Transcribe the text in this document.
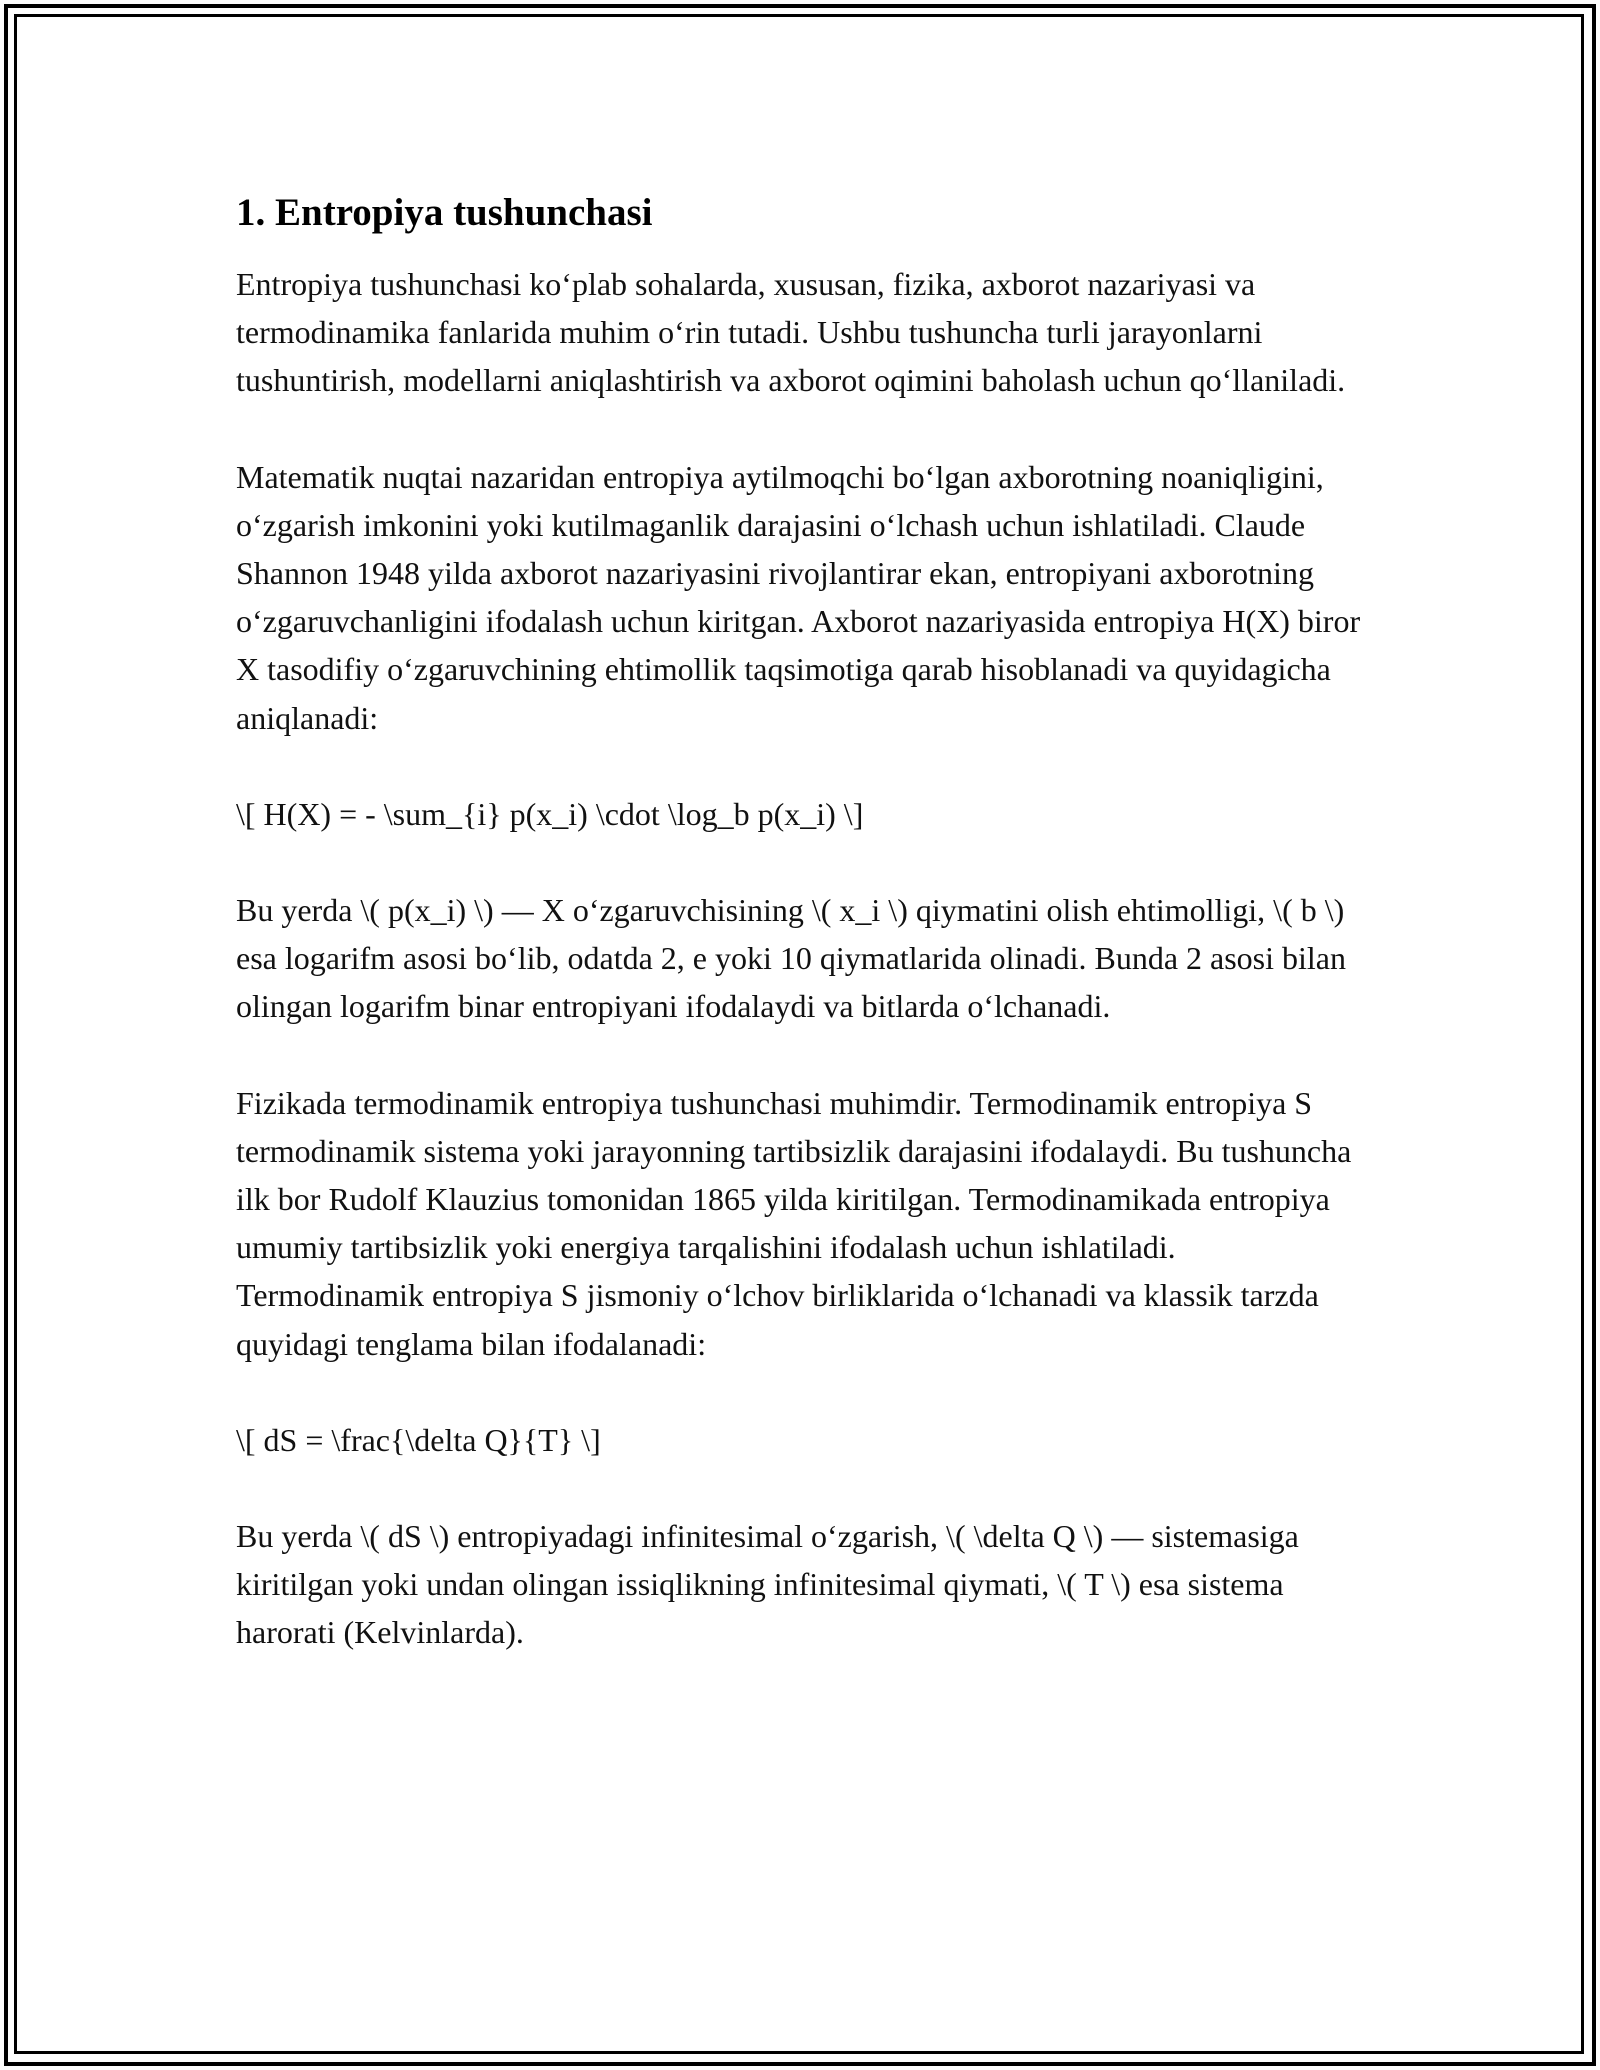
1. Entropiya tushunchasi

Entropiya tushunchasi ko‘plab sohalarda, xususan, fizika, axborot nazariyasi va termodinamika fanlarida muhim o‘rin tutadi. Ushbu tushuncha turli jarayonlarni tushuntirish, modellarni aniqlashtirish va axborot oqimini baholash uchun qo‘llaniladi.

Matematik nuqtai nazaridan entropiya aytilmoqchi bo‘lgan axborotning noaniqligini, o‘zgarish imkonini yoki kutilmaganlik darajasini o‘lchash uchun ishlatiladi. Claude Shannon 1948 yilda axborot nazariyasini rivojlantirar ekan, entropiyani axborotning o‘zgaruvchanligini ifodalash uchun kiritgan. Axborot nazariyasida entropiya H(X) biror X tasodifiy o‘zgaruvchining ehtimollik taqsimotiga qarab hisoblanadi va quyidagicha aniqlanadi:

\[ H(X) = - \sum_{i} p(x_i) \cdot \log_b p(x_i) \]

Bu yerda \( p(x_i) \) — X o‘zgaruvchisining \( x_i \) qiymatini olish ehtimolligi, \( b \) esa logarifm asosi bo‘lib, odatda 2, e yoki 10 qiymatlarida olinadi. Bunda 2 asosi bilan olingan logarifm binar entropiyani ifodalaydi va bitlarda o‘lchanadi.

Fizikada termodinamik entropiya tushunchasi muhimdir. Termodinamik entropiya S termodinamik sistema yoki jarayonning tartibsizlik darajasini ifodalaydi. Bu tushuncha ilk bor Rudolf Klauzius tomonidan 1865 yilda kiritilgan. Termodinamikada entropiya umumiy tartibsizlik yoki energiya tarqalishini ifodalash uchun ishlatiladi. Termodinamik entropiya S jismoniy o‘lchov birliklarida o‘lchanadi va klassik tarzda quyidagi tenglama bilan ifodalanadi:

\[ dS = \frac{\delta Q}{T} \]

Bu yerda \( dS \) entropiyadagi infinitesimal o‘zgarish, \( \delta Q \) — sistemasiga kiritilgan yoki undan olingan issiqlikning infinitesimal qiymati, \( T \) esa sistema harorati (Kelvinlarda).
